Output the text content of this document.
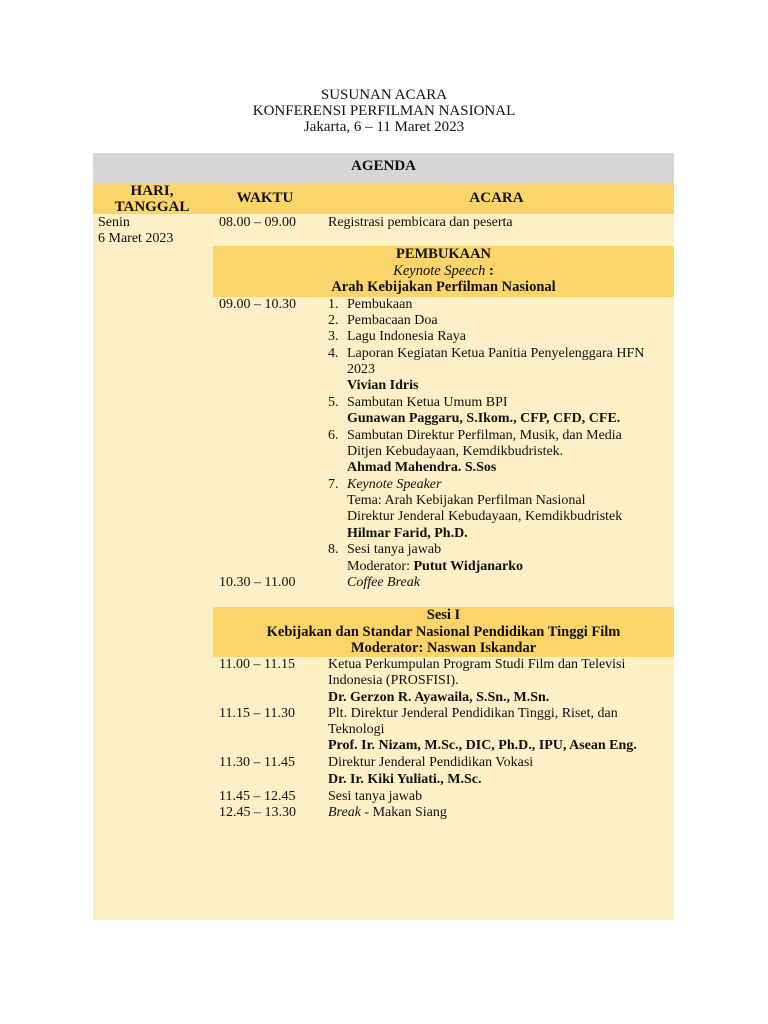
SUSUNAN ACARA
KONFERENSI PERFILMAN NASIONAL
Jakarta, 6 – 11 Maret 2023
AGENDA
HARI,
TANGGAL
WAKTU	ACARA
Senin
6 Maret 2023
08.00 – 09.00 Registrasi pembicara dan peserta
PEMBUKAAN
Keynote Speech :
Arah Kebijakan Perfilman Nasional
09.00 – 10.30 1. Pembukaan
2. Pembacaan Doa
3. Lagu Indonesia Raya
4. Laporan Kegiatan Ketua Panitia Penyelenggara HFN
2023
Vivian Idris
5. Sambutan Ketua Umum BPI
Gunawan Paggaru, S.Ikom., CFP, CFD, CFE.
6. Sambutan Direktur Perfilman, Musik, dan Media
Ditjen Kebudayaan, Kemdikbudristek.
Ahmad Mahendra. S.Sos
7. Keynote Speaker
Tema: Arah Kebijakan Perfilman Nasional
Direktur Jenderal Kebudayaan, Kemdikbudristek
Hilmar Farid, Ph.D.
8. Sesi tanya jawab
Moderator: Putut Widjanarko
10.30 – 11.00	Coffee Break
Sesi I
Kebijakan dan Standar Nasional Pendidikan Tinggi Film
Moderator: Naswan Iskandar
11.00 – 11.15 Ketua Perkumpulan Program Studi Film dan Televisi
Indonesia (PROSFISI).
Dr. Gerzon R. Ayawaila, S.Sn., M.Sn.
11.15 – 11.30 Plt. Direktur Jenderal Pendidikan Tinggi, Riset, dan
Teknologi
Prof. Ir. Nizam, M.Sc., DIC, Ph.D., IPU, Asean Eng.
11.30 – 11.45 Direktur Jenderal Pendidikan Vokasi
Dr. Ir. Kiki Yuliati., M.Sc.
11.45 – 12.45 Sesi tanya jawab
12.45 – 13.30 Break - Makan Siang
